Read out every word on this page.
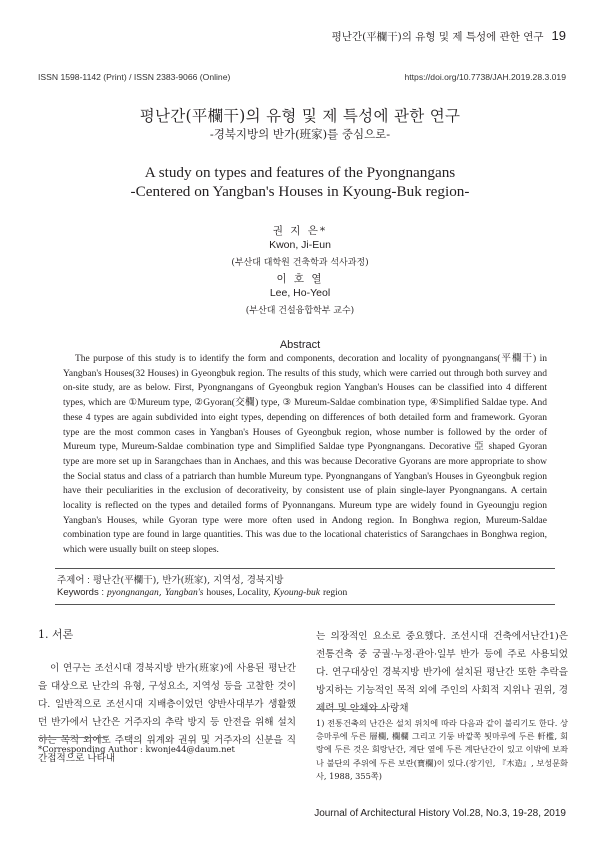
평난간(平欄干)의 유형 및 제 특성에 관한 연구 19
ISSN 1598-1142 (Print) / ISSN 2383-9066 (Online)	https://doi.org/10.7738/JAH.2019.28.3.019
평난간(平欄干)의 유형 및 제 특성에 관한 연구
-경북지방의 반가(班家)를 중심으로-
A study on types and features of the Pyongnangans
-Centered on Yangban's Houses in Kyoung-Buk region-
권 지 은*
Kwon, Ji-Eun
(부산대 대학원 건축학과 석사과정)
이 호 열
Lee, Ho-Yeol
(부산대 건설융합학부 교수)
Abstract

The purpose of this study is to identify the form and components, decoration and locality of pyongnangans(平欄干) in Yangban's Houses(32 Houses) in Gyeongbuk region. The results of this study, which were carried out through both survey and on-site study, are as below. First, Pyongnangans of Gyeongbuk region Yangban's Houses can be classified into 4 different types, which are ①Mureum type, ②Gyoran(交欄) type, ③ Mureum-Saldae combination type, ④Simplified Saldae type. And these 4 types are again subdivided into eight types, depending on differences of both detailed form and framework. Gyoran type are the most common cases in Yangban's Houses of Gyeongbuk region, whose number is followed by the order of Mureum type, Mureum-Saldae combination type and Simplified Saldae type Pyongnangans. Decorative 亞 shaped Gyoran type are more set up in Sarangchaes than in Anchaes, and this was because Decorative Gyorans are more appropriate to show the Social status and class of a patriarch than humble Mureum type. Pyongnangans of Yangban's Houses in Gyeongbuk region have their peculiarities in the exclusion of decorativeity, by consistent use of plain single-layer Pyongnangans. A certain locality is reflected on the types and detailed forms of Pyonnangans. Mureum type are widely found in Gyeoungju region Yangban's Houses, while Gyoran type were more often used in Andong region. In Bonghwa region, Mureum-Saldae combination type are found in large quantities. This was due to the locational chateristics of Sarangchaes in Bonghwa region, which were usually built on steep slopes.

주제어 : 평난간(平欄干), 반가(班家), 지역성, 경북지방
Keywords : pyongnangan, Yangban's houses, Locality, Kyoung-buk region
1. 서론

이 연구는 조선시대 경북지방 반가(班家)에 사용된 평난간을 대상으로 난간의 유형, 구성요소, 지역성 등을 고찰한 것이다. 일반적으로 조선시대 지배층이었던 양반사대부가 생활했던 반가에서 난간은 거주자의 추락 방지 등 안전을 위해 설치하는 목적 외에도 주택의 위계와 권위 및 거주자의 신분을 직간접적으로 나타내

는 의장적인 요소로 중요했다. 조선시대 건축에서난간1)은 전통건축 중 궁궐·누정·관아·일부 반가 등에 주로 사용되었다. 연구대상인 경북지방 반가에 설치된 평난간 또한 추락을 방지하는 기능적인 목적 외에 주인의 사회적 지위나 권위, 경제력 및 안채와 사랑채

1) 전통건축의 난간은 설치 위치에 따라 다음과 같이 불리기도 한다. 상층마루에 두른 層欄, 欄欄 그리고 기둥 바깥쪽 툇마루에 두른 軒檻, 회랑에 두른 것은 회랑난간, 계단 옆에 두른 계단난간이 있고 이밖에 보좌나 불단의 주위에 두른 보란(寶欄)이 있다.(장기인, 『木造』, 보성문화사, 1988, 355쪽)
*Corresponding Author : kwonje44@daum.net
Journal of Architectural History Vol.28, No.3, 19-28, 2019
